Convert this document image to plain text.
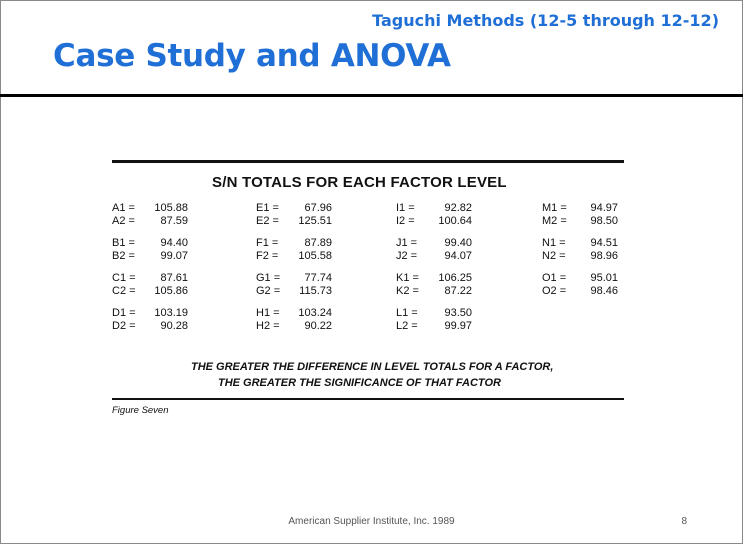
Taguchi Methods (12-5 through 12-12)
Case Study and ANOVA
S/N TOTALS FOR EACH FACTOR LEVEL
A1 =	105.88
A2 =	87.59
B1 =	94.40
B2 =	99.07
C1 =	87.61
C2 =	105.86
D1 =	103.19
D2 =	90.28
E1 =	67.96
E2 =	125.51
F1 =	87.89
F2 =	105.58
G1 =	77.74
G2 =	115.73
H1 =	103.24
H2 =	90.22
I1 =	92.82
I2 =	100.64
J1 =	99.40
J2 =	94.07
K1 =	106.25
K2 =	87.22
L1 =	93.50
L2 =	99.97
M1 =	94.97
M2 =	98.50
N1 =	94.51
N2 =	98.96
O1 =	95.01
O2 =	98.46
THE GREATER THE DIFFERENCE IN LEVEL TOTALS FOR A FACTOR,
THE GREATER THE SIGNIFICANCE OF THAT FACTOR
Figure Seven
American Supplier Institute, Inc. 1989	8
